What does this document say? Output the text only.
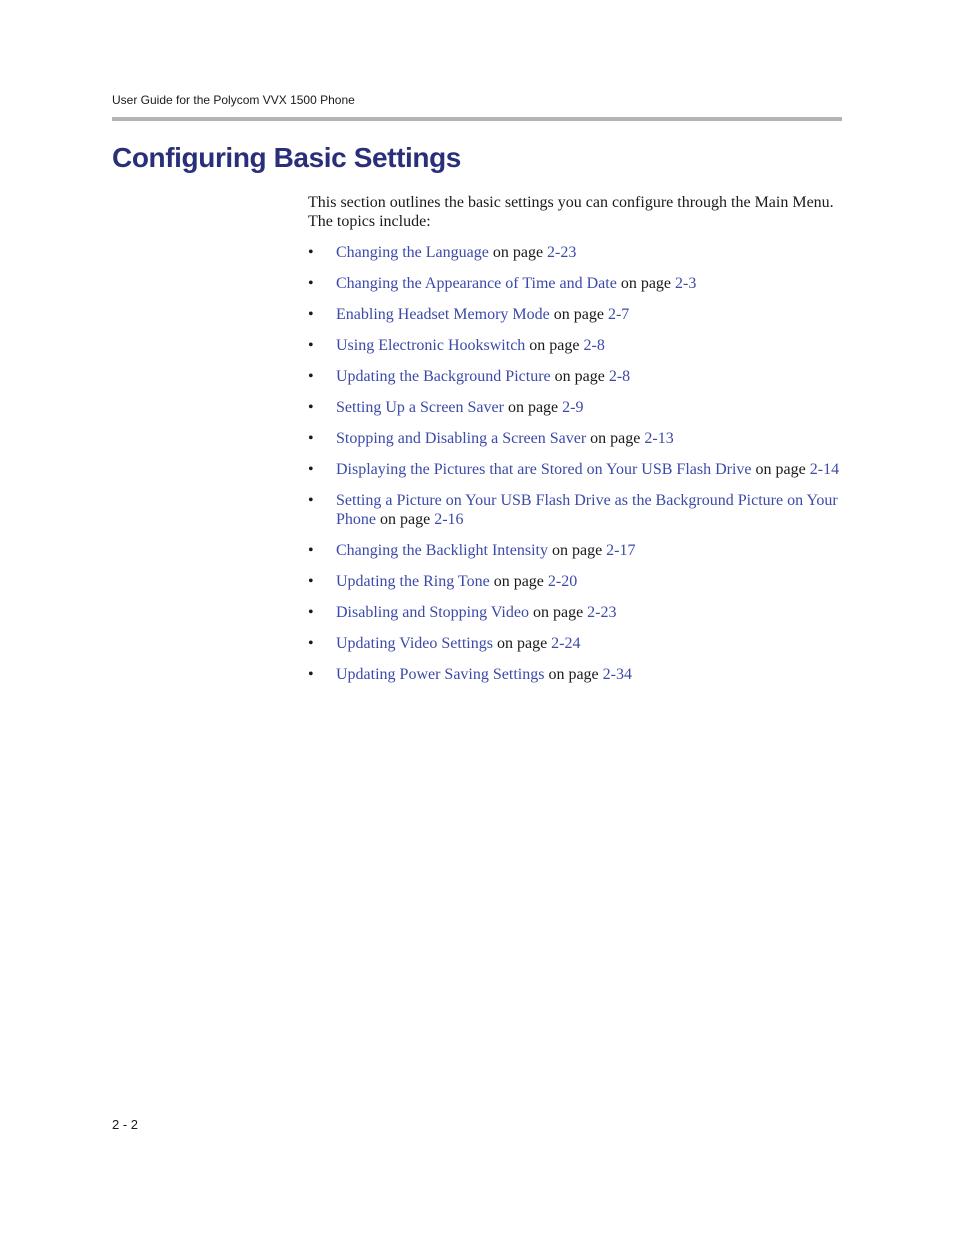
User Guide for the Polycom VVX 1500 Phone
Configuring Basic Settings

This section outlines the basic settings you can configure through the Main Menu. The topics include:

• Changing the Language on page 2-23
• Changing the Appearance of Time and Date on page 2-3
• Enabling Headset Memory Mode on page 2-7
• Using Electronic Hookswitch on page 2-8
• Updating the Background Picture on page 2-8
• Setting Up a Screen Saver on page 2-9
• Stopping and Disabling a Screen Saver on page 2-13
• Displaying the Pictures that are Stored on Your USB Flash Drive on page 2-14
• Setting a Picture on Your USB Flash Drive as the Background Picture on Your Phone on page 2-16
• Changing the Backlight Intensity on page 2-17
• Updating the Ring Tone on page 2-20
• Disabling and Stopping Video on page 2-23
• Updating Video Settings on page 2-24
• Updating Power Saving Settings on page 2-34
2 - 2
